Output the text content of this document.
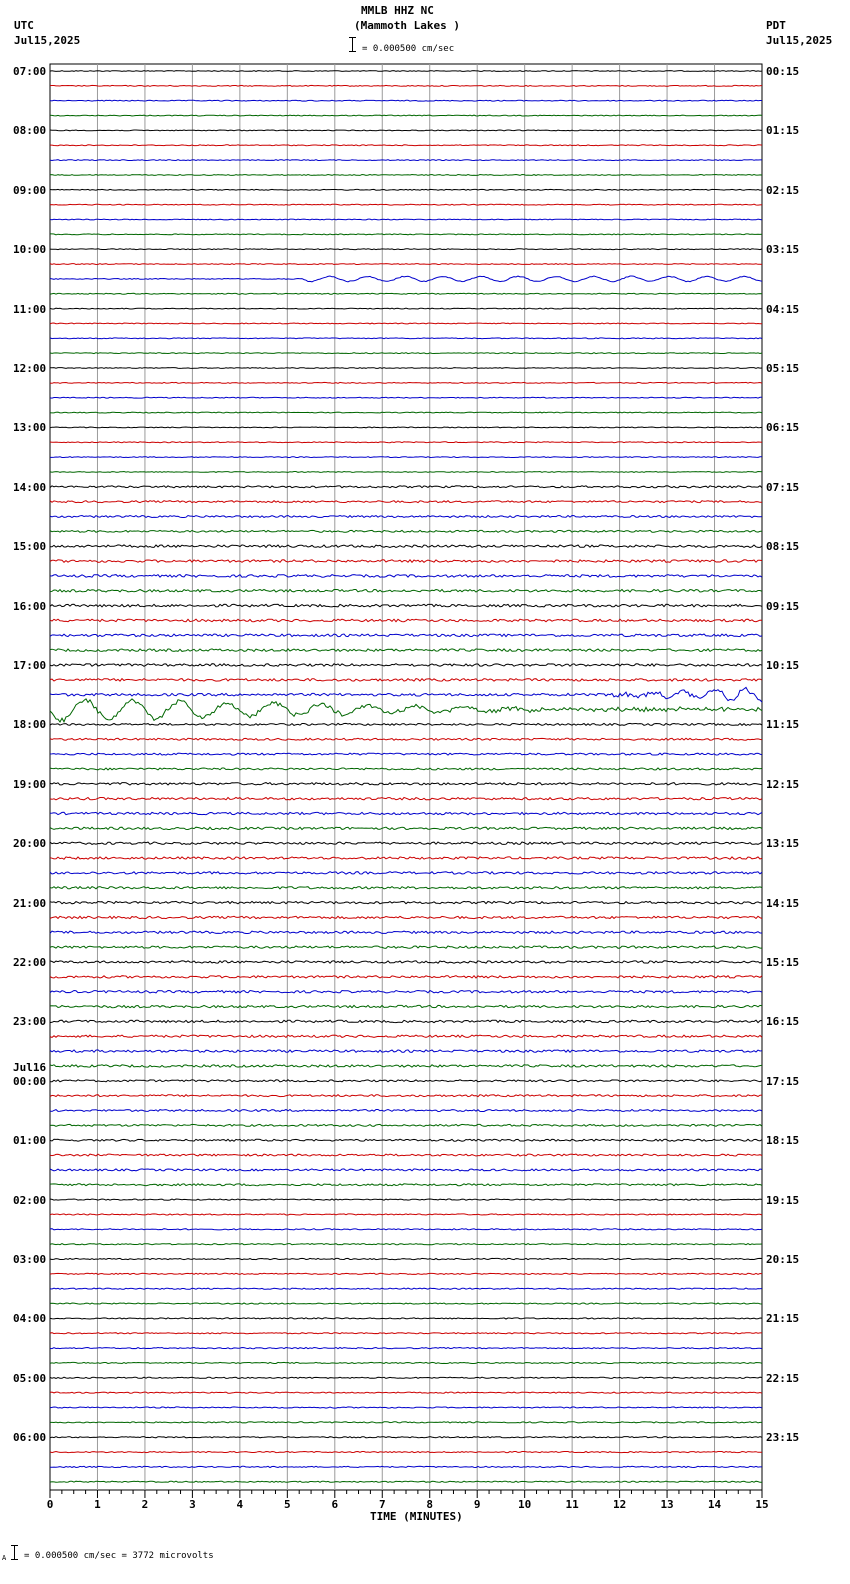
MMLB HHZ NC
(Mammoth Lakes )
= 0.000500 cm/sec
UTC
Jul15,2025
PDT
Jul15,2025
0	1	2	3	4	5	6	7	8	9	10	11	12	13	14	15
07:00	00:15
08:00	01:15
09:00	02:15
10:00	03:15
11:00	04:15
12:00	05:15
13:00	06:15
14:00	07:15
15:00	08:15
16:00	09:15
17:00	10:15
18:00	11:15
19:00	12:15
20:00	13:15
21:00	14:15
22:00	15:15
23:00	16:15
00:00	17:15
01:00	18:15
02:00	19:15
03:00	20:15
04:00	21:15
05:00	22:15
06:00	23:15
Jul16
TIME (MINUTES)
A = 0.000500 cm/sec = 3772 microvolts
